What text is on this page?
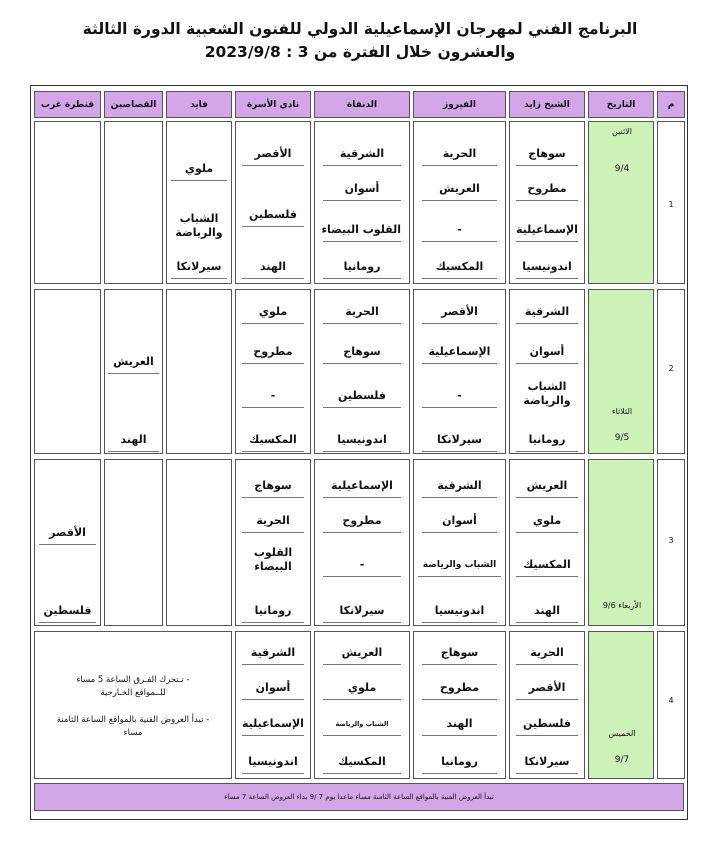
البرنامج الفني لمهرجان الإسماعيلية الدولي للفنون الشعبية الدورة الثالثة
والعشرون خلال الفترة من 3 : 2023/9/8
م
التاريخ
الشيخ زايد
الفيروز
الدنفاة
نادي الأسرة
فايد
القصاصين
قنطرة غرب
1
الاثنين
9/4
سوهاج
مطروح
الإسماعيلية
اندونيسيا
الحرية
العريش
-
المكسيك
الشرقية
أسوان
القلوب البيضاء
رومانيا
الأقصر
فلسطين
الهند
ملوي
الشباب
والرياضة
سيرلانكا
2
الثلاثاء
9/5
الشرقية
أسوان
الشباب
والرياضة
رومانيا
الأقصر
الإسماعيلية
-
سيرلانكا
الحرية
سوهاج
فلسطين
اندونيسيا
ملوي
مطروح
-
المكسيك
العريش
الهند
3
الأربعاء 9/6
العريش
ملوي
المكسيك
الهند
الشرقية
أسوان
الشباب والرياضة
اندونيسيا
الإسماعيلية
مطروح
-
سيرلانكا
سوهاج
الحرية
القلوب
البيضاء
رومانيا
الأقصر
فلسطين
4
الخميس
9/7
الحرية
الأقصر
فلسطين
سيرلانكا
سوهاج
مطروح
الهند
رومانيا
العريش
ملوي
الشباب والرياضة
المكسيك
الشرقية
أسوان
الإسماعيلية
اندونيسيا
- تـتحرك الفـرق الساعة 5 مساء
للــمواقع الخـارجية
- تبدأ العروض الفنية بالمواقع الساعة الثامنة
مساء
تبدأ العروض الفنية بالمواقع الساعة الثامنة مساء ماعدا يوم 7 /9 بداء العروض الساعة 7 مساء
